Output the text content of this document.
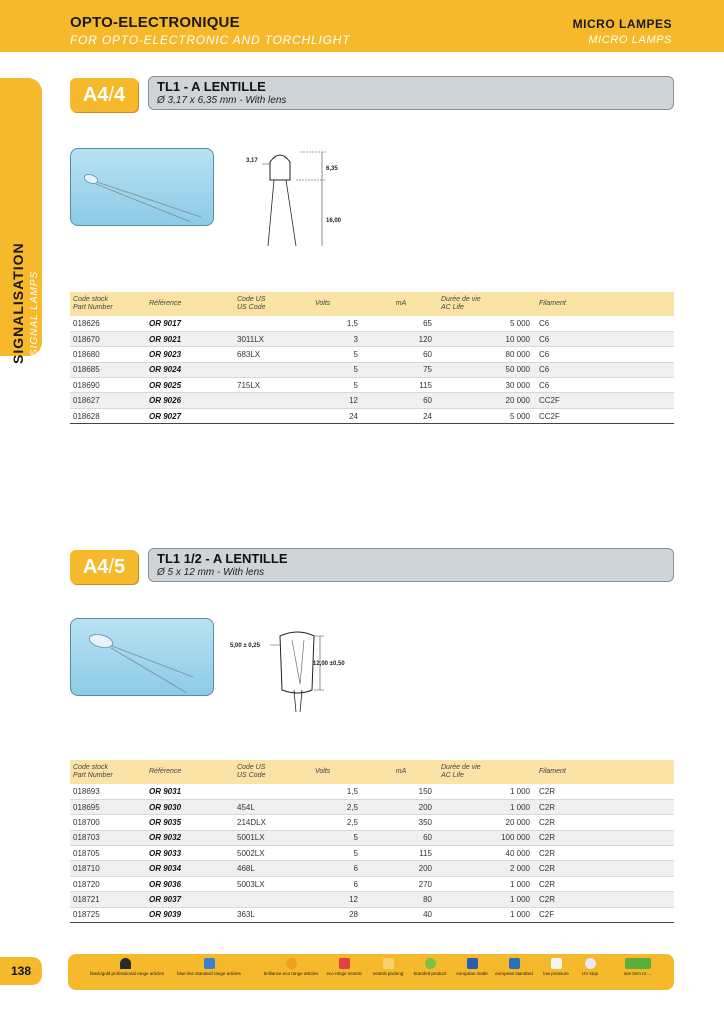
OPTO-ELECTRONIQUE
FOR OPTO-ELECTRONIC AND TORCHLIGHT
MICRO LAMPES
MICRO LAMPS
SIGNALISATION SIGNAL LAMPS
A4/4	TL1 - A LENTILLE
Ø 3,17 x 6,35 mm - With lens
3,17
6,35
16,00
Code stock
Part Number	Référence	Code US
US Code	Volts	mA	Durée de vie
AC Life	Filament
018626	OR 9017		1,5	65	5 000	C6
018670	OR 9021	3011LX	3	120	10 000	C6
018680	OR 9023	683LX	5	60	80 000	C6
018685	OR 9024		5	75	50 000	C6
018690	OR 9025	715LX	5	115	30 000	C6
018627	OR 9026		12	60	20 000	CC2F
018628	OR 9027		24	24	5 000	CC2F
A4/5	TL1 1/2 - A LENTILLE
Ø 5 x 12 mm - With lens
5,00 ± 0,25
12,00 ±0,50
Code stock
Part Number	Référence	Code US
US Code	Volts	mA	Durée de vie
AC Life	Filament
018693	OR 9031		1,5	150	1 000	C2R
018695	OR 9030	454L	2,5	200	1 000	C2R
018700	OR 9035	214DLX	2,5	350	20 000	C2R
018703	OR 9032	5001LX	5	60	100 000	C2R
018705	OR 9033	5002LX	5	115	40 000	C2R
018710	OR 9034	468L	6	200	2 000	C2R
018720	OR 9036	5003LX	6	270	1 000	C2R
018721	OR 9037		12	80	1 000	C2R
018725	OR 9039	363L	28	40	1 000	C2F
138	black/gold professional range articles	blue line standard range articles	brilliance eco range articles	eco range neutral	neutral packing	branded product	european made	european standard	low pressure	UV stop	see item nr. ...
